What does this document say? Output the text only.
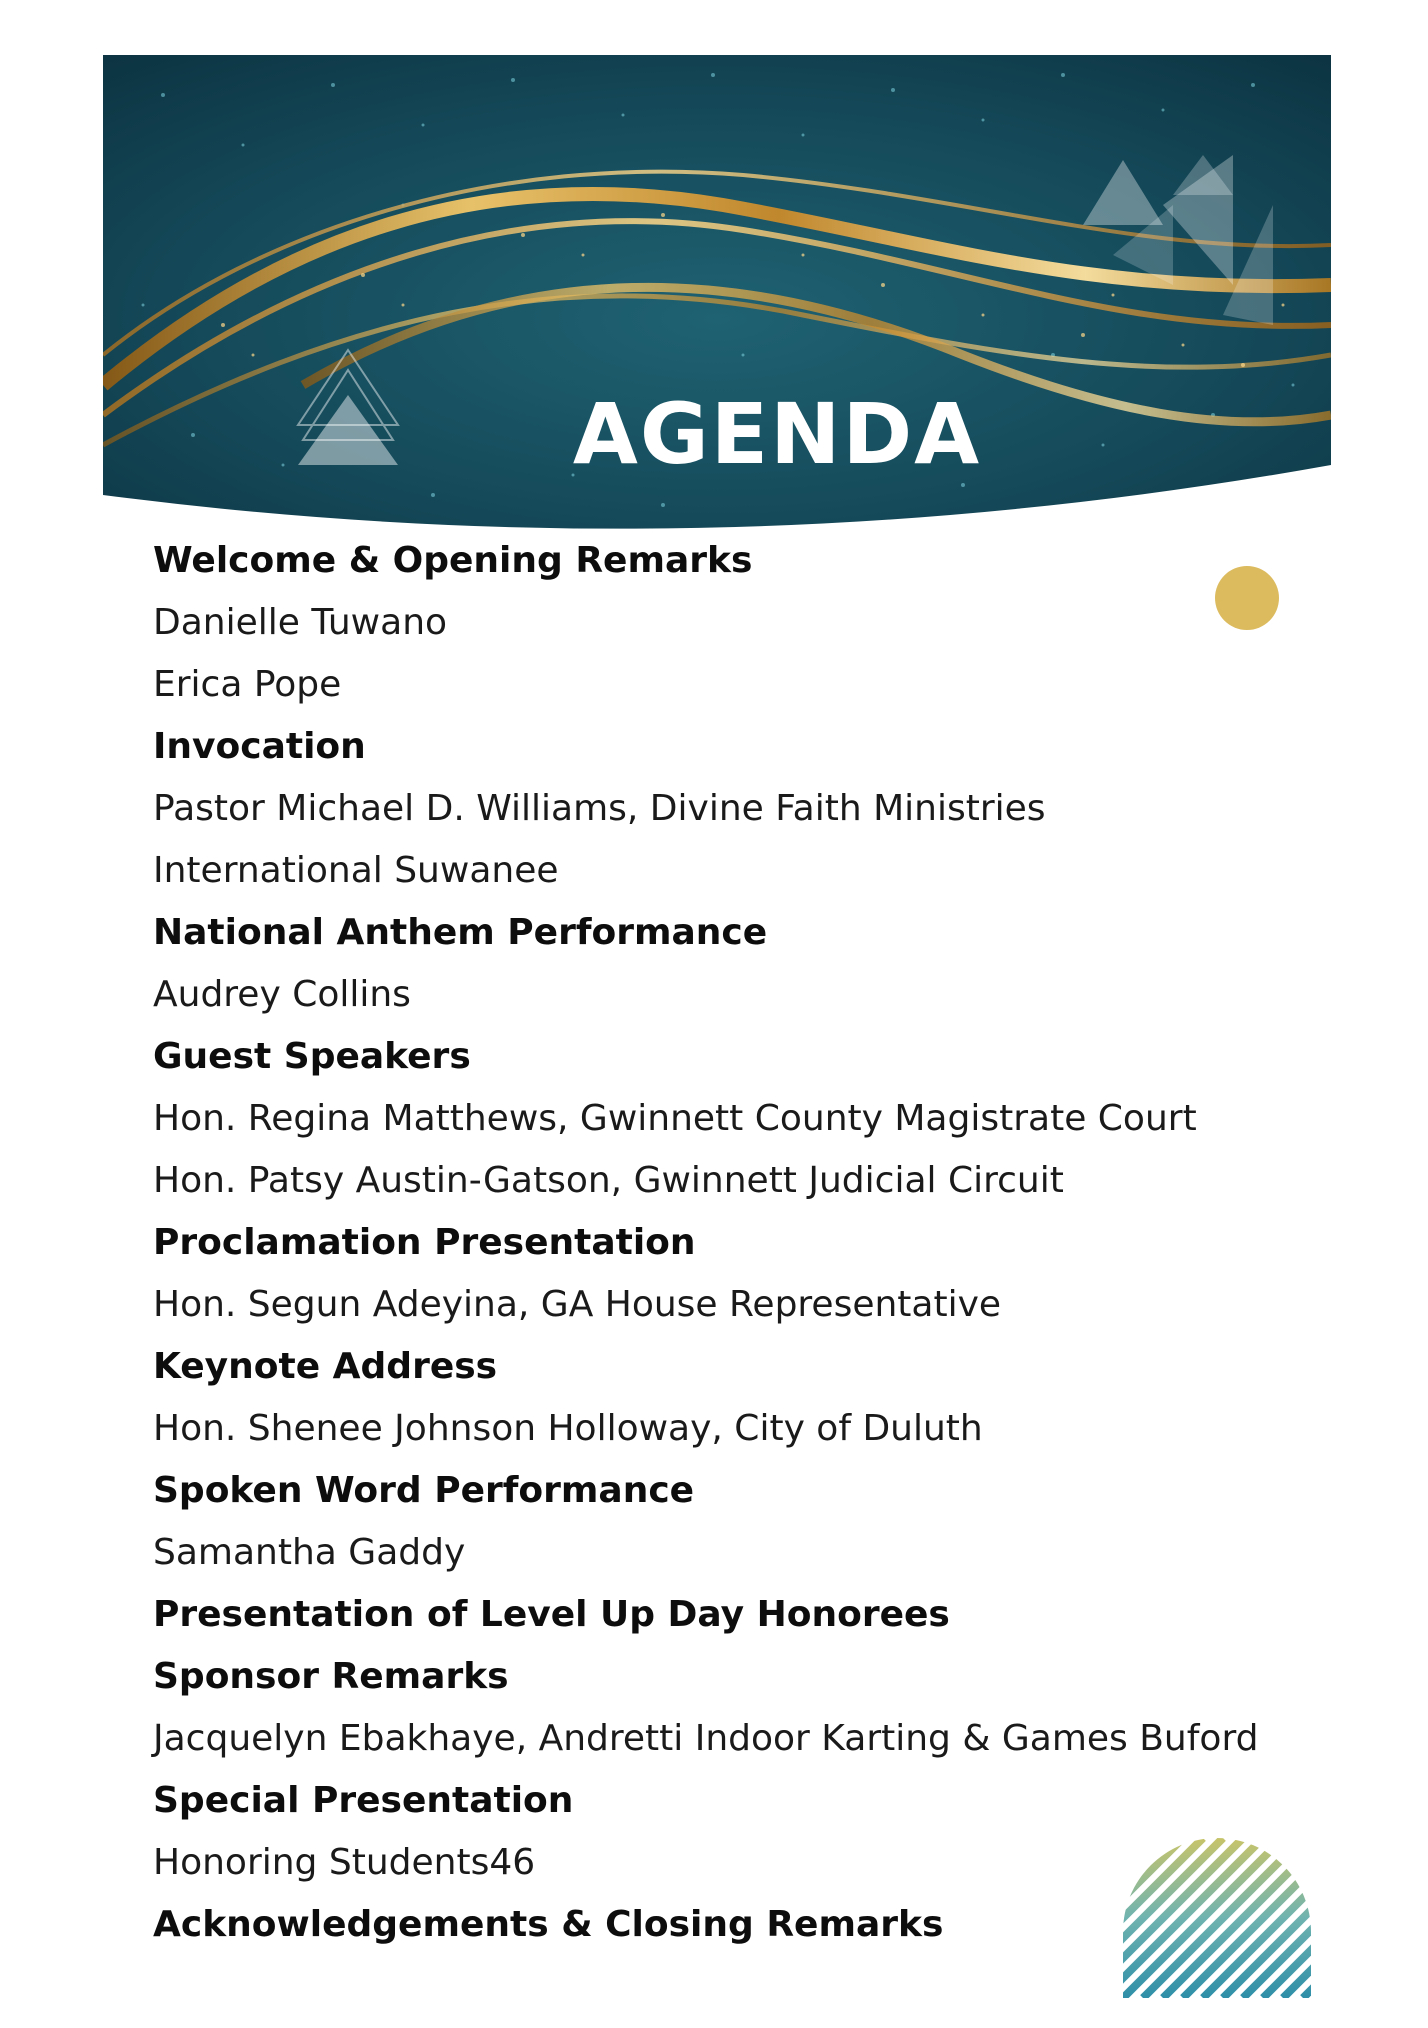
AGENDA
Welcome & Opening Remarks
Danielle Tuwano
Erica Pope
Invocation
Pastor Michael D. Williams, Divine Faith Ministries
International Suwanee
National Anthem Performance
Audrey Collins
Guest Speakers
Hon. Regina Matthews, Gwinnett County Magistrate Court
Hon. Patsy Austin-Gatson, Gwinnett Judicial Circuit
Proclamation Presentation
Hon. Segun Adeyina, GA House Representative
Keynote Address
Hon. Shenee Johnson Holloway, City of Duluth
Spoken Word Performance
Samantha Gaddy
Presentation of Level Up Day Honorees
Sponsor Remarks
Jacquelyn Ebakhaye, Andretti Indoor Karting & Games Buford
Special Presentation
Honoring Students46
Acknowledgements & Closing Remarks
